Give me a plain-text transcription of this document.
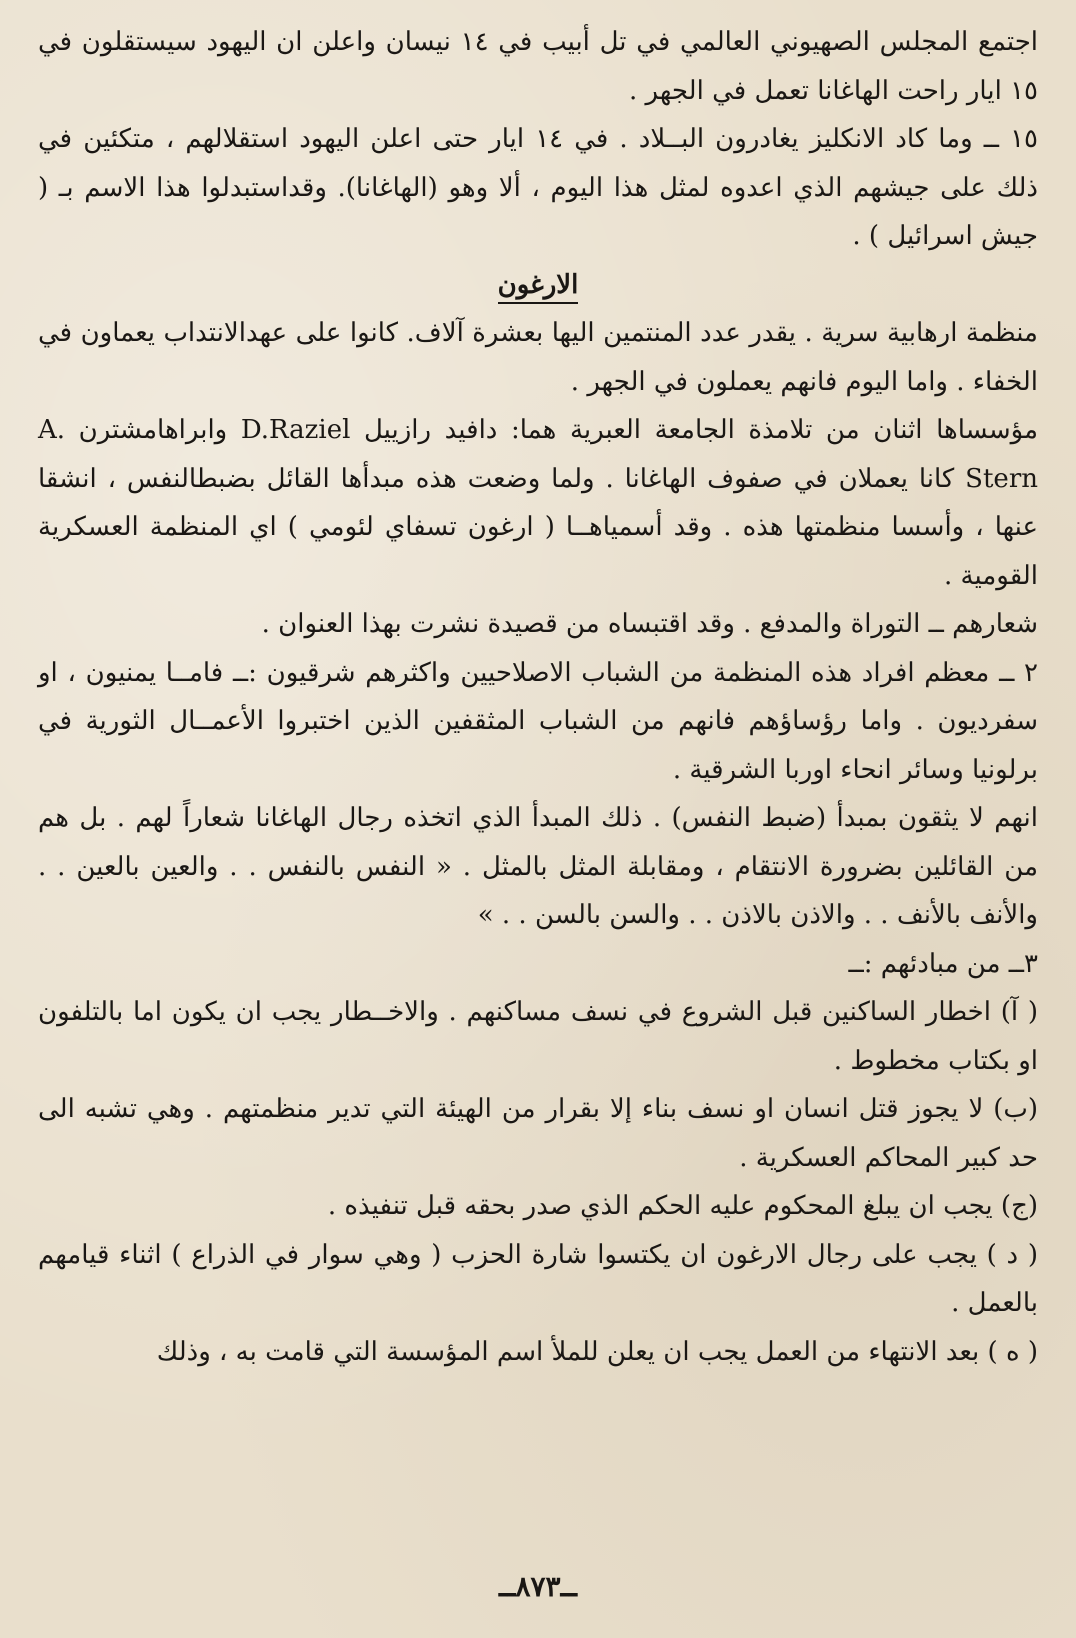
اجتمع المجلس الصهيوني العالمي في تل أبيب في ١٤ نيسان واعلن ان اليهود سيستقلون في ١٥ ايار راحت الهاغانا تعمل في الجهر .

١٥ ــ وما كاد الانكليز يغادرون البــلاد . في ١٤ ايار حتى اعلن اليهود استقلالهم ، متكئين في ذلك على جيشهم الذي اعدوه لمثل هذا اليوم ، ألا وهو (الهاغانا). وقداستبدلوا هذا الاسم بـ ( جيش اسرائيل ) .

الارغون

منظمة ارهابية سرية . يقدر عدد المنتمين اليها بعشرة آلاف. كانوا على عهدالانتداب يعماون في الخفاء . واما اليوم فانهم يعملون في الجهر .

مؤسساها اثنان من تلامذة الجامعة العبرية هما: دافيد رازييل D.Raziel وابراهامشترن A. Stern كانا يعملان في صفوف الهاغانا . ولما وضعت هذه مبدأها القائل بضبطالنفس ، انشقا عنها ، وأسسا منظمتها هذه . وقد أسمياهــا ( ارغون تسفاي لئومي ) اي المنظمة العسكرية القومية .

شعارهم ــ التوراة والمدفع . وقد اقتبساه من قصيدة نشرت بهذا العنوان .

٢ ــ معظم افراد هذه المنظمة من الشباب الاصلاحيين واكثرهم شرقيون :ــ فامــا يمنيون ، او سفرديون . واما رؤساؤهم فانهم من الشباب المثقفين الذين اختبروا الأعمــال الثورية في برلونيا وسائر انحاء اوربا الشرقية .

انهم لا يثقون بمبدأ (ضبط النفس) . ذلك المبدأ الذي اتخذه رجال الهاغانا شعاراً لهم . بل هم من القائلين بضرورة الانتقام ، ومقابلة المثل بالمثل . « النفس بالنفس . . والعين بالعين . . والأنف بالأنف . . والاذن بالاذن . . والسن بالسن . . »

٣ــ من مبادئهم :ــ

( آ) اخطار الساكنين قبل الشروع في نسف مساكنهم . والاخــطار يجب ان يكون اما بالتلفون او بكتاب مخطوط .

(ب) لا يجوز قتل انسان او نسف بناء إلا بقرار من الهيئة التي تدير منظمتهم . وهي تشبه الى حد كبير المحاكم العسكرية .

(ج) يجب ان يبلغ المحكوم عليه الحكم الذي صدر بحقه قبل تنفيذه .

( د ) يجب على رجال الارغون ان يكتسوا شارة الحزب ( وهي سوار في الذراع ) اثناء قيامهم بالعمل .

( ه ) بعد الانتهاء من العمل يجب ان يعلن للملأ اسم المؤسسة التي قامت به ، وذلك

ــ٨٧٣ــ
